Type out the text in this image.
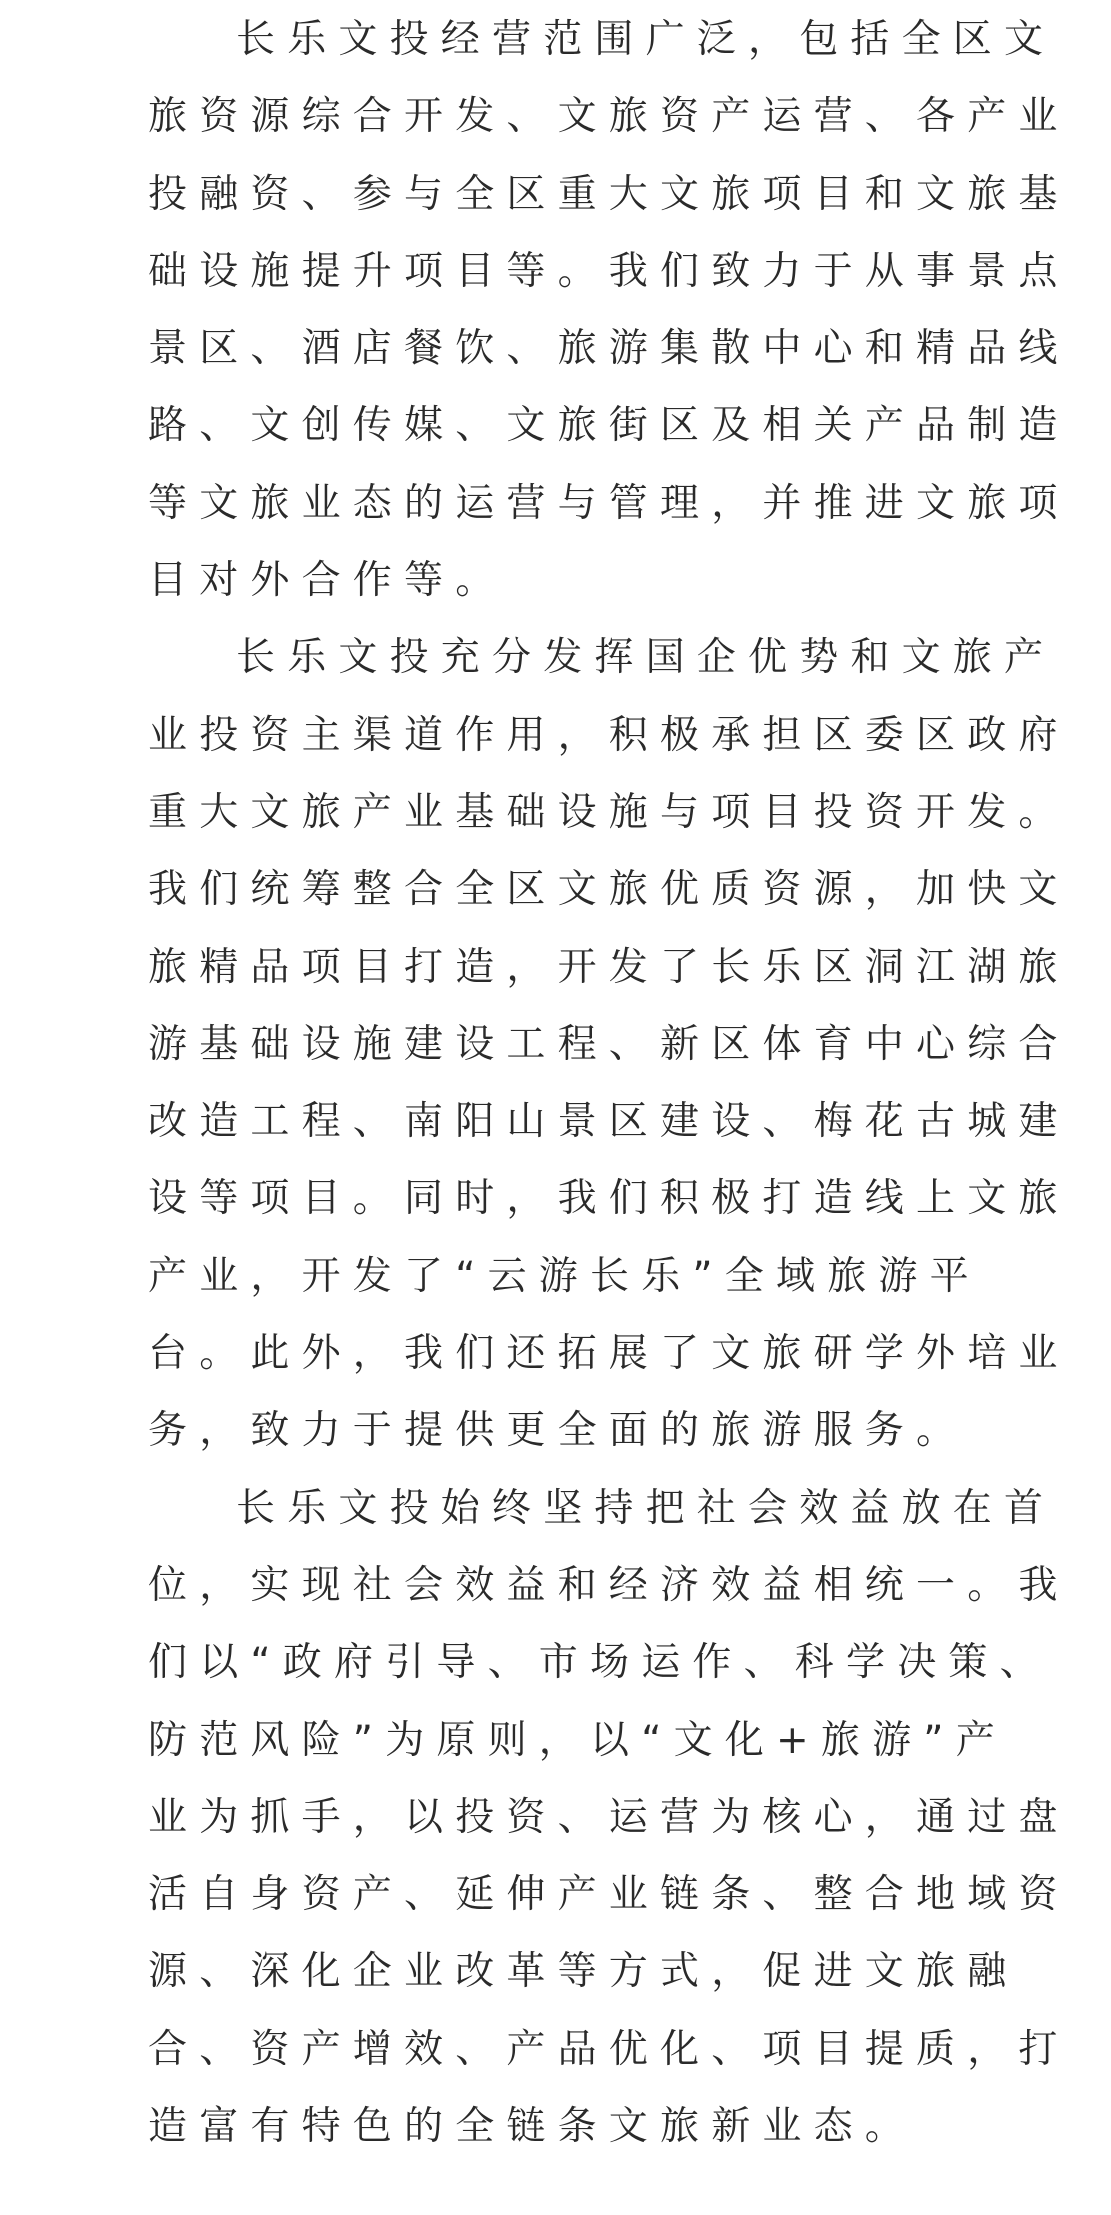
长乐文投经营范围广泛，包括全区文
旅资源综合开发、文旅资产运营、各产业
投融资、参与全区重大文旅项目和文旅基
础设施提升项目等。我们致力于从事景点
景区、酒店餐饮、旅游集散中心和精品线
路、文创传媒、文旅街区及相关产品制造
等文旅业态的运营与管理，并推进文旅项
目对外合作等。
长乐文投充分发挥国企优势和文旅产
业投资主渠道作用，积极承担区委区政府
重大文旅产业基础设施与项目投资开发。
我们统筹整合全区文旅优质资源，加快文
旅精品项目打造，开发了长乐区洞江湖旅
游基础设施建设工程、新区体育中心综合
改造工程、南阳山景区建设、梅花古城建
设等项目。同时，我们积极打造线上文旅
产业，开发了“云游长乐”全域旅游平
台。此外，我们还拓展了文旅研学外培业
务，致力于提供更全面的旅游服务。
长乐文投始终坚持把社会效益放在首
位，实现社会效益和经济效益相统一。我
们以“政府引导、市场运作、科学决策、
防范风险”为原则，以“文化+旅游”产
业为抓手，以投资、运营为核心，通过盘
活自身资产、延伸产业链条、整合地域资
源、深化企业改革等方式，促进文旅融
合、资产增效、产品优化、项目提质，打
造富有特色的全链条文旅新业态。
